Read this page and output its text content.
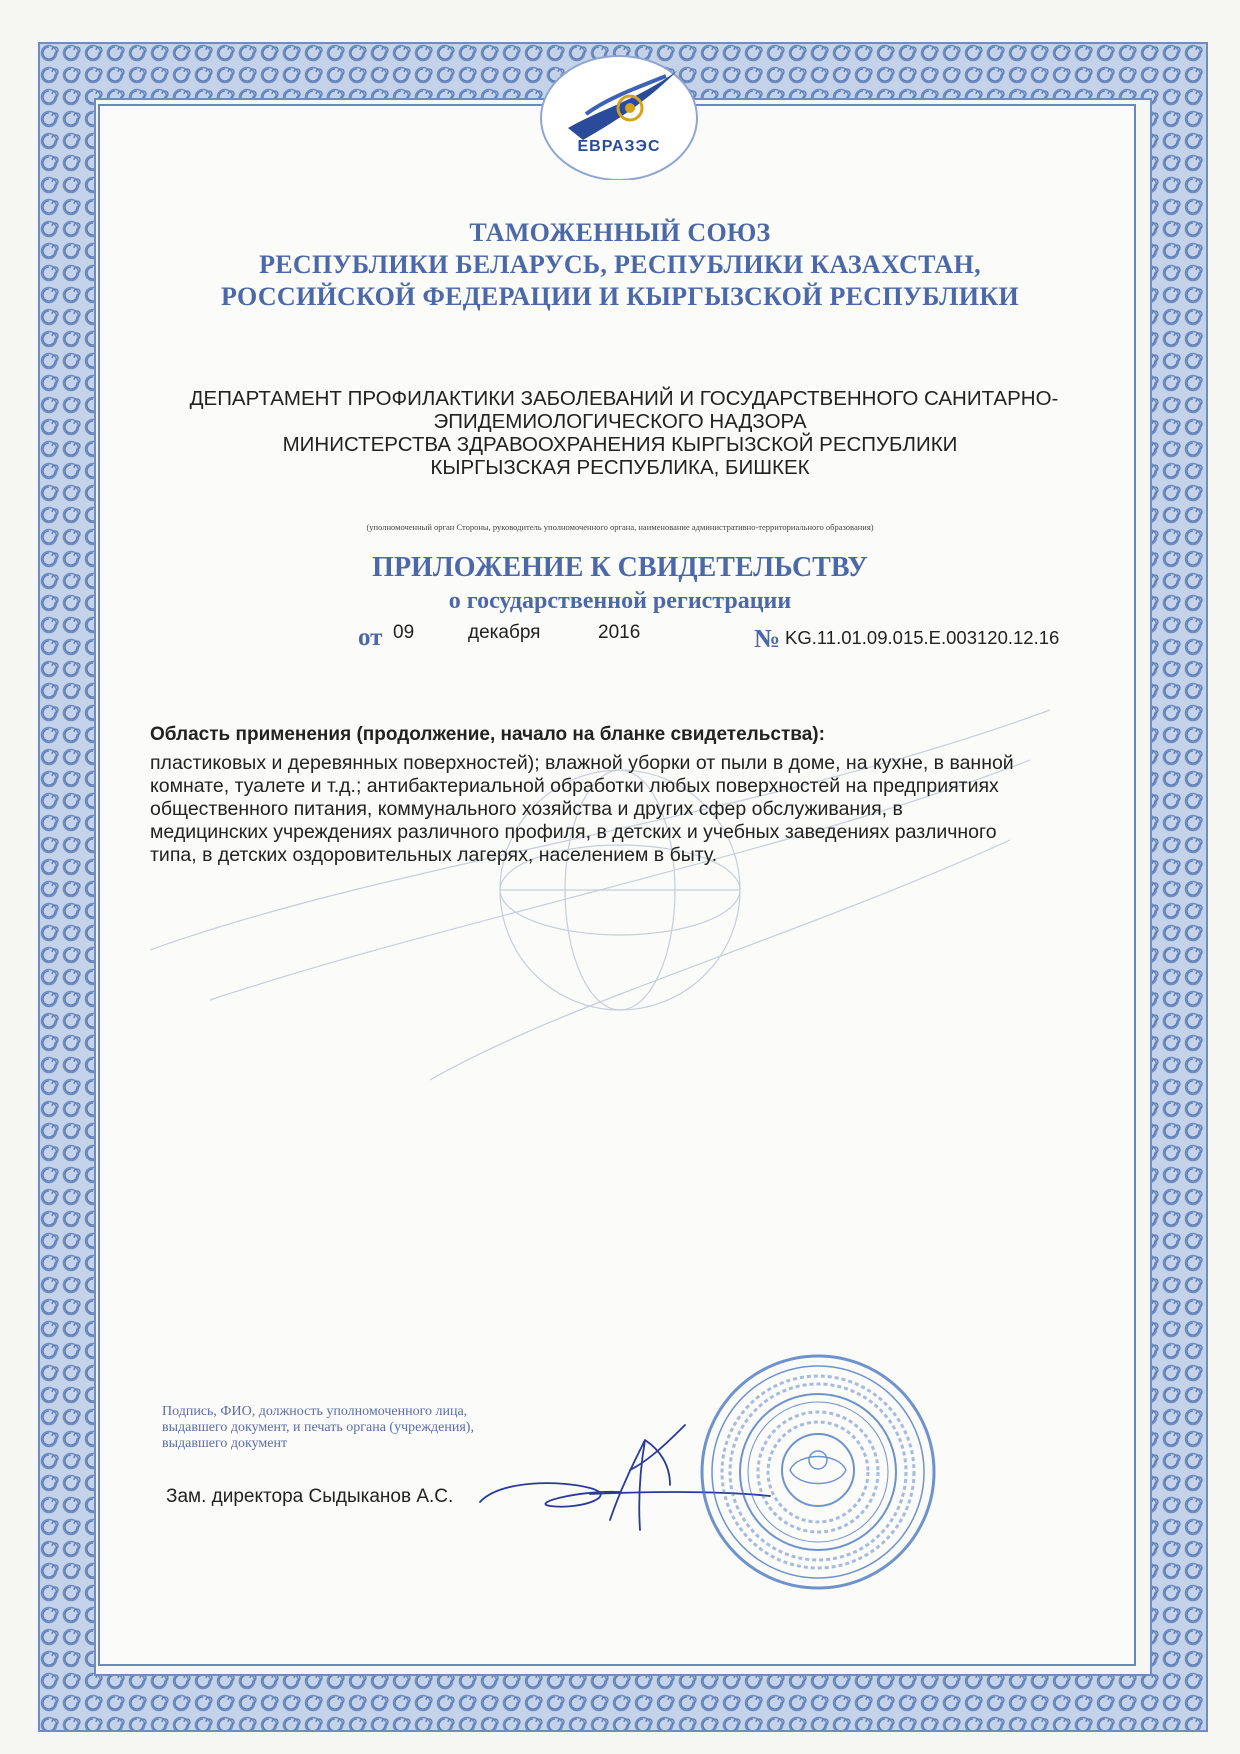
ЕВРАЗЭС
ТАМОЖЕННЫЙ СОЮЗ
РЕСПУБЛИКИ БЕЛАРУСЬ, РЕСПУБЛИКИ КАЗАХСТАН,
РОССИЙСКОЙ ФЕДЕРАЦИИ И КЫРГЫЗСКОЙ РЕСПУБЛИКИ
ДЕПАРТАМЕНТ ПРОФИЛАКТИКИ ЗАБОЛЕВАНИЙ И ГОСУДАРСТВЕННОГО САНИТАРНО-
ЭПИДЕМИОЛОГИЧЕСКОГО НАДЗОРА
МИНИСТЕРСТВА ЗДРАВООХРАНЕНИЯ КЫРГЫЗСКОЙ РЕСПУБЛИКИ
КЫРГЫЗСКАЯ РЕСПУБЛИКА, БИШКЕК
(уполномоченный орган Стороны, руководитель уполномоченного органа, наименование административно-территориального образования)
ПРИЛОЖЕНИЕ К СВИДЕТЕЛЬСТВУ
о государственной регистрации
от 09	декабря	2016	№ KG.11.01.09.015.E.003120.12.16
Область применения (продолжение, начало на бланке свидетельства):
пластиковых и деревянных поверхностей); влажной уборки от пыли в доме, на кухне, в ванной
комнате, туалете и т.д.; антибактериальной обработки любых поверхностей на предприятиях
общественного питания, коммунального хозяйства и других сфер обслуживания, в
медицинских учреждениях различного профиля, в детских и учебных заведениях различного
типа, в детских оздоровительных лагерях, населением в быту.
Подпись, ФИО, должность уполномоченного лица,
выдавшего документ, и печать органа (учреждения),
выдавшего документ
Зам. директора Сыдыканов А.С.
